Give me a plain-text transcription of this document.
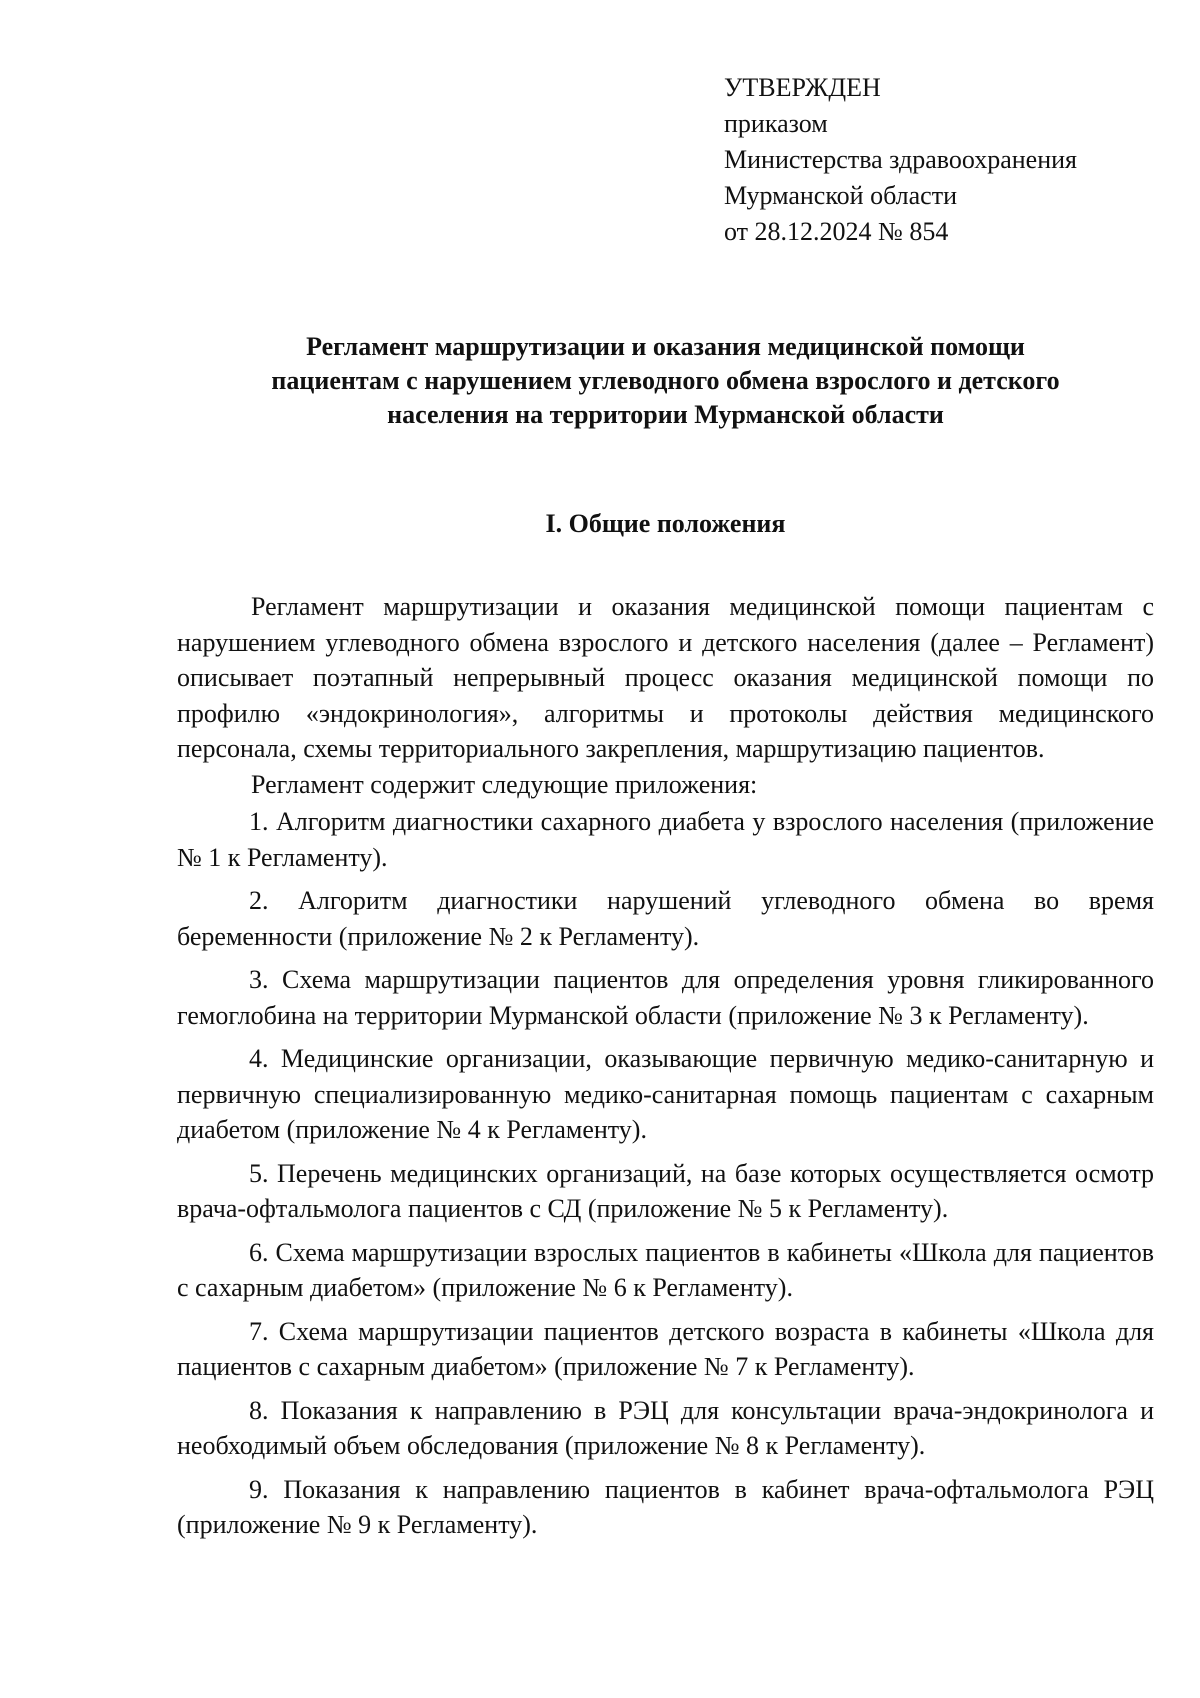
УТВЕРЖДЕН
приказом
Министерства здравоохранения
Мурманской области
от 28.12.2024 № 854
Регламент маршрутизации и оказания медицинской помощи
пациентам с нарушением углеводного обмена взрослого и детского
населения на территории Мурманской области
I. Общие положения

Регламент маршрутизации и оказания медицинской помощи пациентам с нарушением углеводного обмена взрослого и детского населения (далее – Регламент) описывает поэтапный непрерывный процесс оказания медицинской помощи по профилю «эндокринология», алгоритмы и протоколы действия медицинского персонала, схемы территориального закрепления, маршрутизацию пациентов.

Регламент содержит следующие приложения:

1. Алгоритм диагностики сахарного диабета у взрослого населения (приложение № 1 к Регламенту).

2. Алгоритм диагностики нарушений углеводного обмена во время беременности (приложение № 2 к Регламенту).

3. Схема маршрутизации пациентов для определения уровня гликированного гемоглобина на территории Мурманской области (приложение № 3 к Регламенту).

4. Медицинские организации, оказывающие первичную медико-санитарную и первичную специализированную медико-санитарная помощь пациентам с сахарным диабетом (приложение № 4 к Регламенту).

5. Перечень медицинских организаций, на базе которых осуществляется осмотр врача-офтальмолога пациентов с СД (приложение № 5 к Регламенту).

6. Схема маршрутизации взрослых пациентов в кабинеты «Школа для пациентов с сахарным диабетом» (приложение № 6 к Регламенту).

7. Схема маршрутизации пациентов детского возраста в кабинеты «Школа для пациентов с сахарным диабетом» (приложение № 7 к Регламенту).

8. Показания к направлению в РЭЦ для консультации врача-эндокринолога и необходимый объем обследования (приложение № 8 к Регламенту).

9. Показания к направлению пациентов в кабинет врача-офтальмолога РЭЦ (приложение № 9 к Регламенту).
